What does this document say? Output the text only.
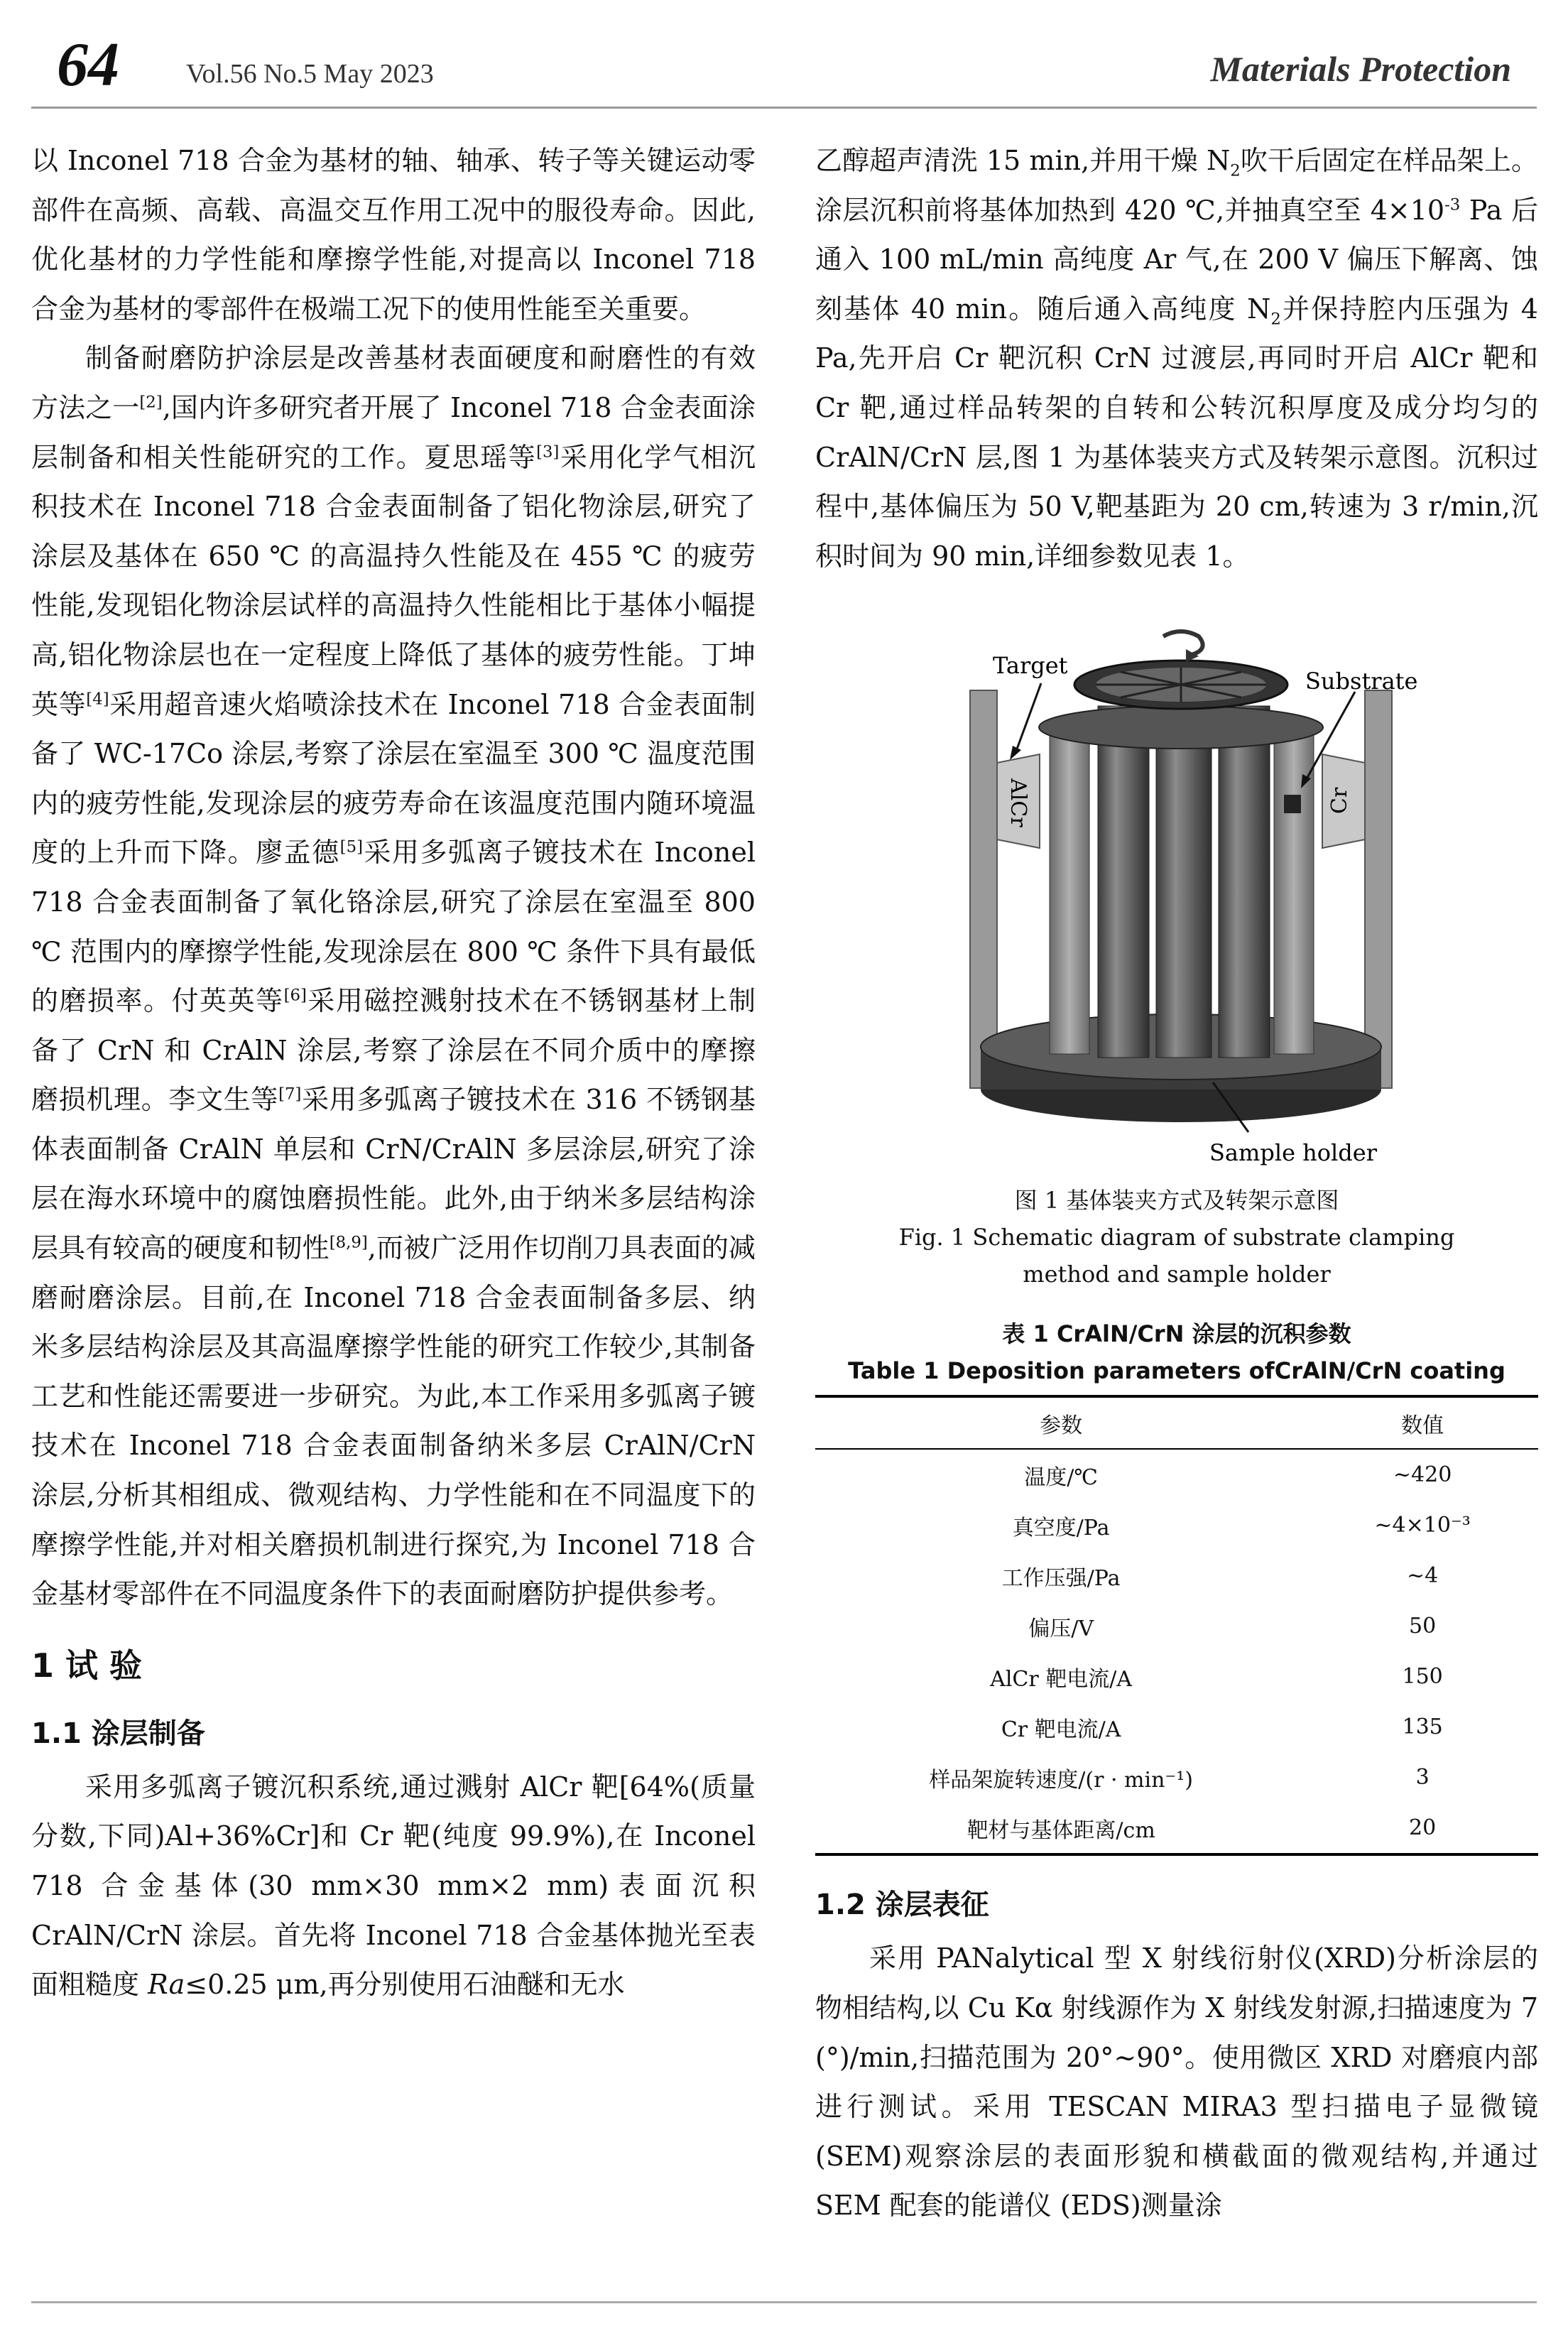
64 Vol.56 No.5 May 2023	Materials Protection

以 Inconel 718 合金为基材的轴、轴承、转子等关键运动零部件在高频、高载、高温交互作用工况中的服役寿命。因此,优化基材的力学性能和摩擦学性能,对提高以 Inconel 718 合金为基材的零部件在极端工况下的使用性能至关重要。

制备耐磨防护涂层是改善基材表面硬度和耐磨性的有效方法之一[2],国内许多研究者开展了 Inconel 718 合金表面涂层制备和相关性能研究的工作。夏思瑶等[3]采用化学气相沉积技术在 Inconel 718 合金表面制备了铝化物涂层,研究了涂层及基体在 650 ℃ 的高温持久性能及在 455 ℃ 的疲劳性能,发现铝化物涂层试样的高温持久性能相比于基体小幅提高,铝化物涂层也在一定程度上降低了基体的疲劳性能。丁坤英等[4]采用超音速火焰喷涂技术在 Inconel 718 合金表面制备了 WC-17Co 涂层,考察了涂层在室温至 300 ℃ 温度范围内的疲劳性能,发现涂层的疲劳寿命在该温度范围内随环境温度的上升而下降。廖孟德[5]采用多弧离子镀技术在 Inconel 718 合金表面制备了氧化铬涂层,研究了涂层在室温至 800 ℃ 范围内的摩擦学性能,发现涂层在 800 ℃ 条件下具有最低的磨损率。付英英等[6]采用磁控溅射技术在不锈钢基材上制备了 CrN 和 CrAlN 涂层,考察了涂层在不同介质中的摩擦磨损机理。李文生等[7]采用多弧离子镀技术在 316 不锈钢基体表面制备 CrAlN 单层和 CrN/CrAlN 多层涂层,研究了涂层在海水环境中的腐蚀磨损性能。此外,由于纳米多层结构涂层具有较高的硬度和韧性[8,9],而被广泛用作切削刀具表面的减磨耐磨涂层。目前,在 Inconel 718 合金表面制备多层、纳米多层结构涂层及其高温摩擦学性能的研究工作较少,其制备工艺和性能还需要进一步研究。为此,本工作采用多弧离子镀技术在 Inconel 718 合金表面制备纳米多层 CrAlN/CrN 涂层,分析其相组成、微观结构、力学性能和在不同温度下的摩擦学性能,并对相关磨损机制进行探究,为 Inconel 718 合金基材零部件在不同温度条件下的表面耐磨防护提供参考。

1 试 验
1.1 涂层制备

采用多弧离子镀沉积系统,通过溅射 AlCr 靶[64%(质量分数,下同)Al+36%Cr]和 Cr 靶(纯度 99.9%),在 Inconel 718 合金基体(30 mm×30 mm×2 mm)表面沉积 CrAlN/CrN 涂层。首先将 Inconel 718 合金基体抛光至表面粗糙度 Ra≤0.25 μm,再分别使用石油醚和无水

乙醇超声清洗 15 min,并用干燥 $N_2$吹干后固定在样品架上。涂层沉积前将基体加热到 420 ℃,并抽真空至 $4\times 10^{-3}$ Pa 后通入 100 mL/min 高纯度 Ar 气,在 200 V 偏压下解离、蚀刻基体 40 min。随后通入高纯度 $N_2$并保持腔内压强为 4 Pa,先开启 Cr 靶沉积 CrN 过渡层,再同时开启 AlCr 靶和 Cr 靶,通过样品转架的自转和公转沉积厚度及成分均匀的 CrAlN/CrN 层,图 1 为基体装夹方式及转架示意图。沉积过程中,基体偏压为 50 V,靶基距为 20 cm,转速为 3 r/min,沉积时间为 90 min,详细参数见表 1。

Target
Substrate
AlCr	Cr
Sample holder

图 1 基体装夹方式及转架示意图

Fig. 1 Schematic diagram of substrate clamping

method and sample holder

表 1 CrAlN/CrN 涂层的沉积参数

Table 1 Deposition parameters ofCrAlN/CrN coating

参数	数值
温度/℃	~420
真空度/Pa	~4×10⁻³
工作压强/Pa	~4
偏压/V	50
AlCr 靶电流/A	150
Cr 靶电流/A	135
样品架旋转速度/(r · min⁻¹)	3
靶材与基体距离/cm	20
1.2 涂层表征

采用 PANalytical 型 X 射线衍射仪(XRD)分析涂层的物相结构,以 Cu Kα 射线源作为 X 射线发射源,扫描速度为 7 (°)/min,扫描范围为 20°~90°。使用微区 XRD 对磨痕内部进行测试。采用 TESCAN MIRA3 型扫描电子显微镜(SEM)观察涂层的表面形貌和横截面的微观结构,并通过 SEM 配套的能谱仪 (EDS)测量涂
